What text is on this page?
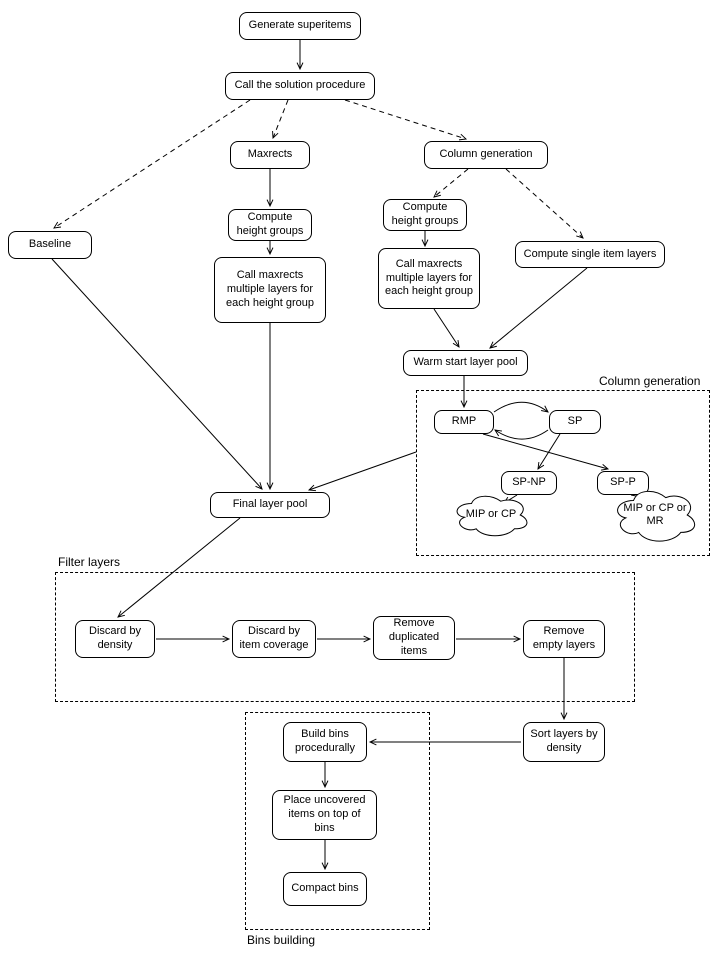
Column generation
Filter layers
Bins building
Generate superitems
Call the solution procedure
Maxrects	Column generation
Baseline
Compute height groups
Call maxrects multiple layers for each height group
Compute height groups
Call maxrects multiple layers for each height group
Compute single item layers
Warm start layer pool
RMP	SP
SP-NP	SP-P
MIP or CP
MIP or CP or MR
Final layer pool
Discard by density
Discard by item coverage
Remove duplicated items
Remove empty layers
Sort layers by density
Build bins procedurally
Place uncovered items on top of bins
Compact bins
